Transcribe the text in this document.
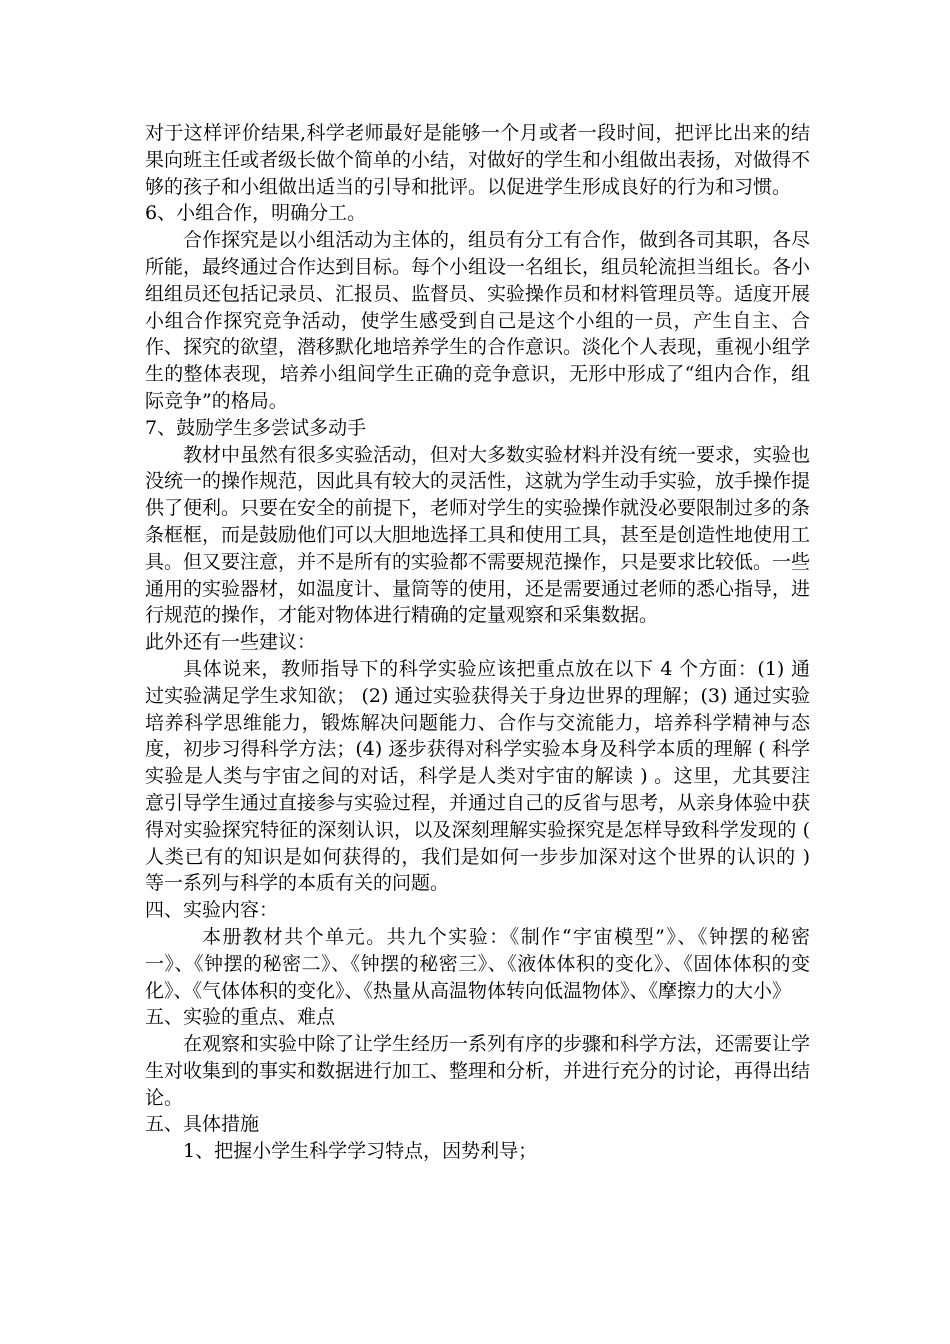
对于这样评价结果,科学老师最好是能够一个月或者一段时间，把评比出来的结果向班主任或者级长做个简单的小结，对做好的学生和小组做出表扬，对做得不够的孩子和小组做出适当的引导和批评。以促进学生形成良好的行为和习惯。

6、小组合作，明确分工。

合作探究是以小组活动为主体的，组员有分工有合作，做到各司其职，各尽所能，最终通过合作达到目标。每个小组设一名组长，组员轮流担当组长。各小组组员还包括记录员、汇报员、监督员、实验操作员和材料管理员等。适度开展小组合作探究竞争活动，使学生感受到自己是这个小组的一员，产生自主、合作、探究的欲望，潜移默化地培养学生的合作意识。淡化个人表现，重视小组学生的整体表现，培养小组间学生正确的竞争意识，无形中形成了“组内合作，组际竞争”的格局。

7、鼓励学生多尝试多动手

教材中虽然有很多实验活动，但对大多数实验材料并没有统一要求，实验也没统一的操作规范，因此具有较大的灵活性，这就为学生动手实验，放手操作提供了便利。只要在安全的前提下，老师对学生的实验操作就没必要限制过多的条条框框，而是鼓励他们可以大胆地选择工具和使用工具，甚至是创造性地使用工具。但又要注意，并不是所有的实验都不需要规范操作，只是要求比较低。一些通用的实验器材，如温度计、量筒等的使用，还是需要通过老师的悉心指导，进行规范的操作，才能对物体进行精确的定量观察和采集数据。

此外还有一些建议：

具体说来，教师指导下的科学实验应该把重点放在以下 4 个方面：(1) 通过实验满足学生求知欲； (2) 通过实验获得关于身边世界的理解；(3) 通过实验培养科学思维能力，锻炼解决问题能力、合作与交流能力，培养科学精神与态度，初步习得科学方法；(4) 逐步获得对科学实验本身及科学本质的理解 ( 科学实验是人类与宇宙之间的对话，科学是人类对宇宙的解读 ) 。这里，尤其要注意引导学生通过直接参与实验过程，并通过自己的反省与思考，从亲身体验中获得对实验探究特征的深刻认识，以及深刻理解实验探究是怎样导致科学发现的 ( 人类已有的知识是如何获得的，我们是如何一步步加深对这个世界的认识的 ) 等一系列与科学的本质有关的问题。

四、实验内容：

本册教材共个单元。共九个实验：《制作“宇宙模型”》、《钟摆的秘密一》、《钟摆的秘密二》、《钟摆的秘密三》、《液体体积的变化》、《固体体积的变化》、《气体体积的变化》、《热量从高温物体转向低温物体》、《摩擦力的大小》

五、实验的重点、难点

在观察和实验中除了让学生经历一系列有序的步骤和科学方法，还需要让学生对收集到的事实和数据进行加工、整理和分析，并进行充分的讨论，再得出结论。

五、具体措施

1、把握小学生科学学习特点，因势利导；
